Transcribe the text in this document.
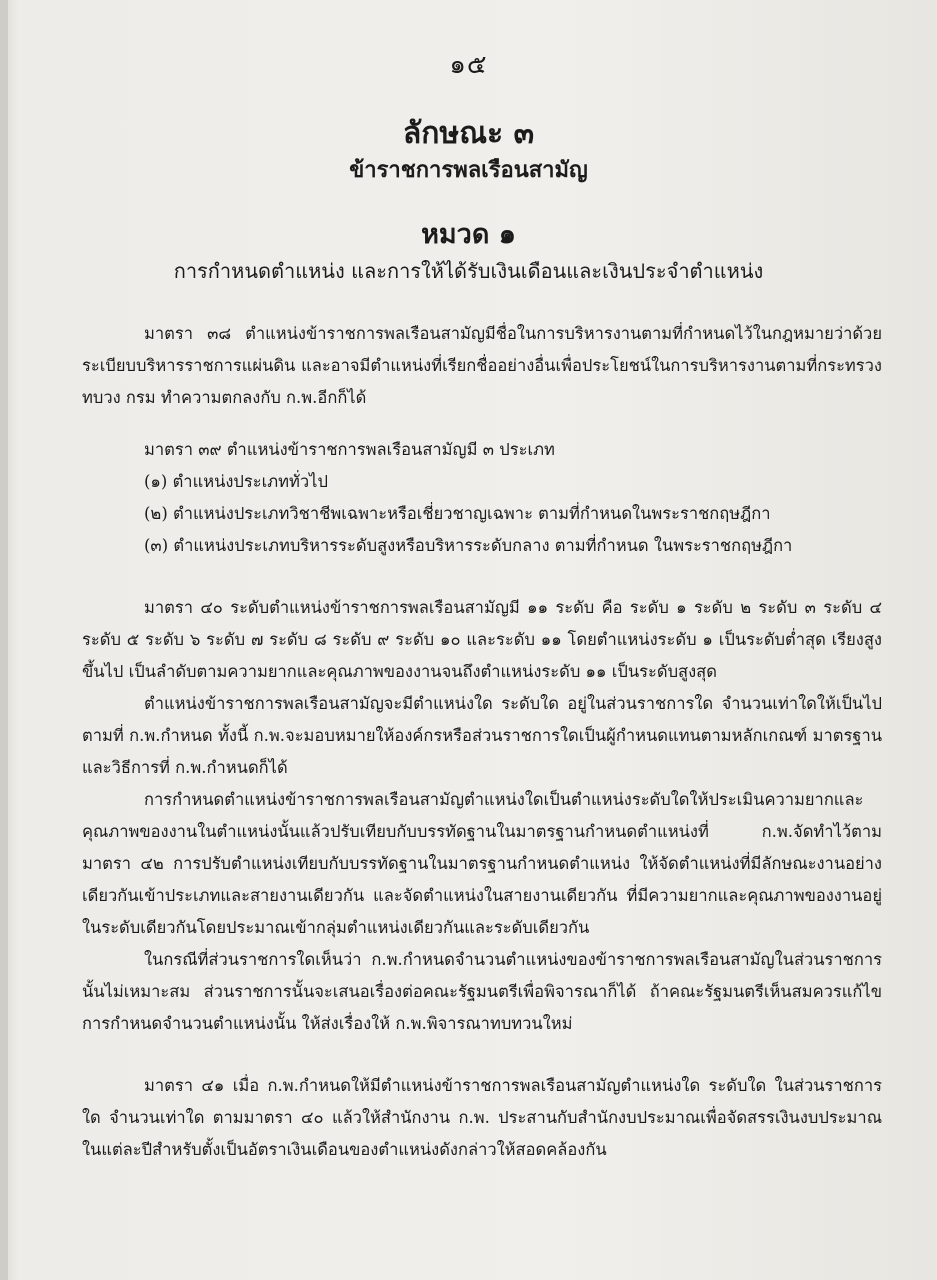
๑๕
ลักษณะ ๓
ข้าราชการพลเรือนสามัญ
หมวด ๑
การกำหนดตำแหน่ง และการให้ได้รับเงินเดือนและเงินประจำตำแหน่ง

มาตรา ๓๘ ตำแหน่งข้าราชการพลเรือนสามัญมีชื่อในการบริหารงานตามที่กำหนดไว้ในกฎหมายว่าด้วยระเบียบบริหารราชการแผ่นดิน และอาจมีตำแหน่งที่เรียกชื่ออย่างอื่นเพื่อประโยชน์ในการบริหารงานตามที่กระทรวง ทบวง กรม ทำความตกลงกับ ก.พ.อีกก็ได้

มาตรา ๓๙ ตำแหน่งข้าราชการพลเรือนสามัญมี ๓ ประเภท

(๑) ตำแหน่งประเภททั่วไป

(๒) ตำแหน่งประเภทวิชาชีพเฉพาะหรือเชี่ยวชาญเฉพาะ ตามที่กำหนดในพระราชกฤษฎีกา

(๓) ตำแหน่งประเภทบริหารระดับสูงหรือบริหารระดับกลาง ตามที่กำหนด ในพระราชกฤษฎีกา

มาตรา ๔๐ ระดับตำแหน่งข้าราชการพลเรือนสามัญมี ๑๑ ระดับ คือ ระดับ ๑ ระดับ ๒ ระดับ ๓ ระดับ ๔ ระดับ ๕ ระดับ ๖ ระดับ ๗ ระดับ ๘ ระดับ ๙ ระดับ ๑๐ และระดับ ๑๑ โดยตำแหน่งระดับ ๑ เป็นระดับต่ำสุด เรียงสูงขึ้นไป เป็นลำดับตามความยากและคุณภาพของงานจนถึงตำแหน่งระดับ ๑๑ เป็นระดับสูงสุด

ตำแหน่งข้าราชการพลเรือนสามัญจะมีตำแหน่งใด ระดับใด อยู่ในส่วนราชการใด จำนวนเท่าใดให้เป็นไปตามที่ ก.พ.กำหนด ทั้งนี้ ก.พ.จะมอบหมายให้องค์กรหรือส่วนราชการใดเป็นผู้กำหนดแทนตามหลักเกณฑ์ มาตรฐานและวิธีการที่ ก.พ.กำหนดก็ได้

การกำหนดตำแหน่งข้าราชการพลเรือนสามัญตำแหน่งใดเป็นตำแหน่งระดับใดให้ประเมินความยากและคุณภาพของงานในตำแหน่งนั้นแล้วปรับเทียบกับบรรทัดฐานในมาตรฐานกำหนดตำแหน่งที่ ก.พ.จัดทำไว้ตามมาตรา ๔๒ การปรับตำแหน่งเทียบกับบรรทัดฐานในมาตรฐานกำหนดตำแหน่ง ให้จัดตำแหน่งที่มีลักษณะงานอย่างเดียวกันเข้าประเภทและสายงานเดียวกัน และจัดตำแหน่งในสายงานเดียวกัน ที่มีความยากและคุณภาพของงานอยู่ในระดับเดียวกันโดยประมาณเข้ากลุ่มตำแหน่งเดียวกันและระดับเดียวกัน

ในกรณีที่ส่วนราชการใดเห็นว่า ก.พ.กำหนดจำนวนตำแหน่งของข้าราชการพลเรือนสามัญในส่วนราชการนั้นไม่เหมาะสม ส่วนราชการนั้นจะเสนอเรื่องต่อคณะรัฐมนตรีเพื่อพิจารณาก็ได้ ถ้าคณะรัฐมนตรีเห็นสมควรแก้ไขการกำหนดจำนวนตำแหน่งนั้น ให้ส่งเรื่องให้ ก.พ.พิจารณาทบทวนใหม่

มาตรา ๔๑ เมื่อ ก.พ.กำหนดให้มีตำแหน่งข้าราชการพลเรือนสามัญตำแหน่งใด ระดับใด ในส่วนราชการใด จำนวนเท่าใด ตามมาตรา ๔๐ แล้วให้สำนักงาน ก.พ. ประสานกับสำนักงบประมาณเพื่อจัดสรรเงินงบประมาณในแต่ละปีสำหรับตั้งเป็นอัตราเงินเดือนของตำแหน่งดังกล่าวให้สอดคล้องกัน
